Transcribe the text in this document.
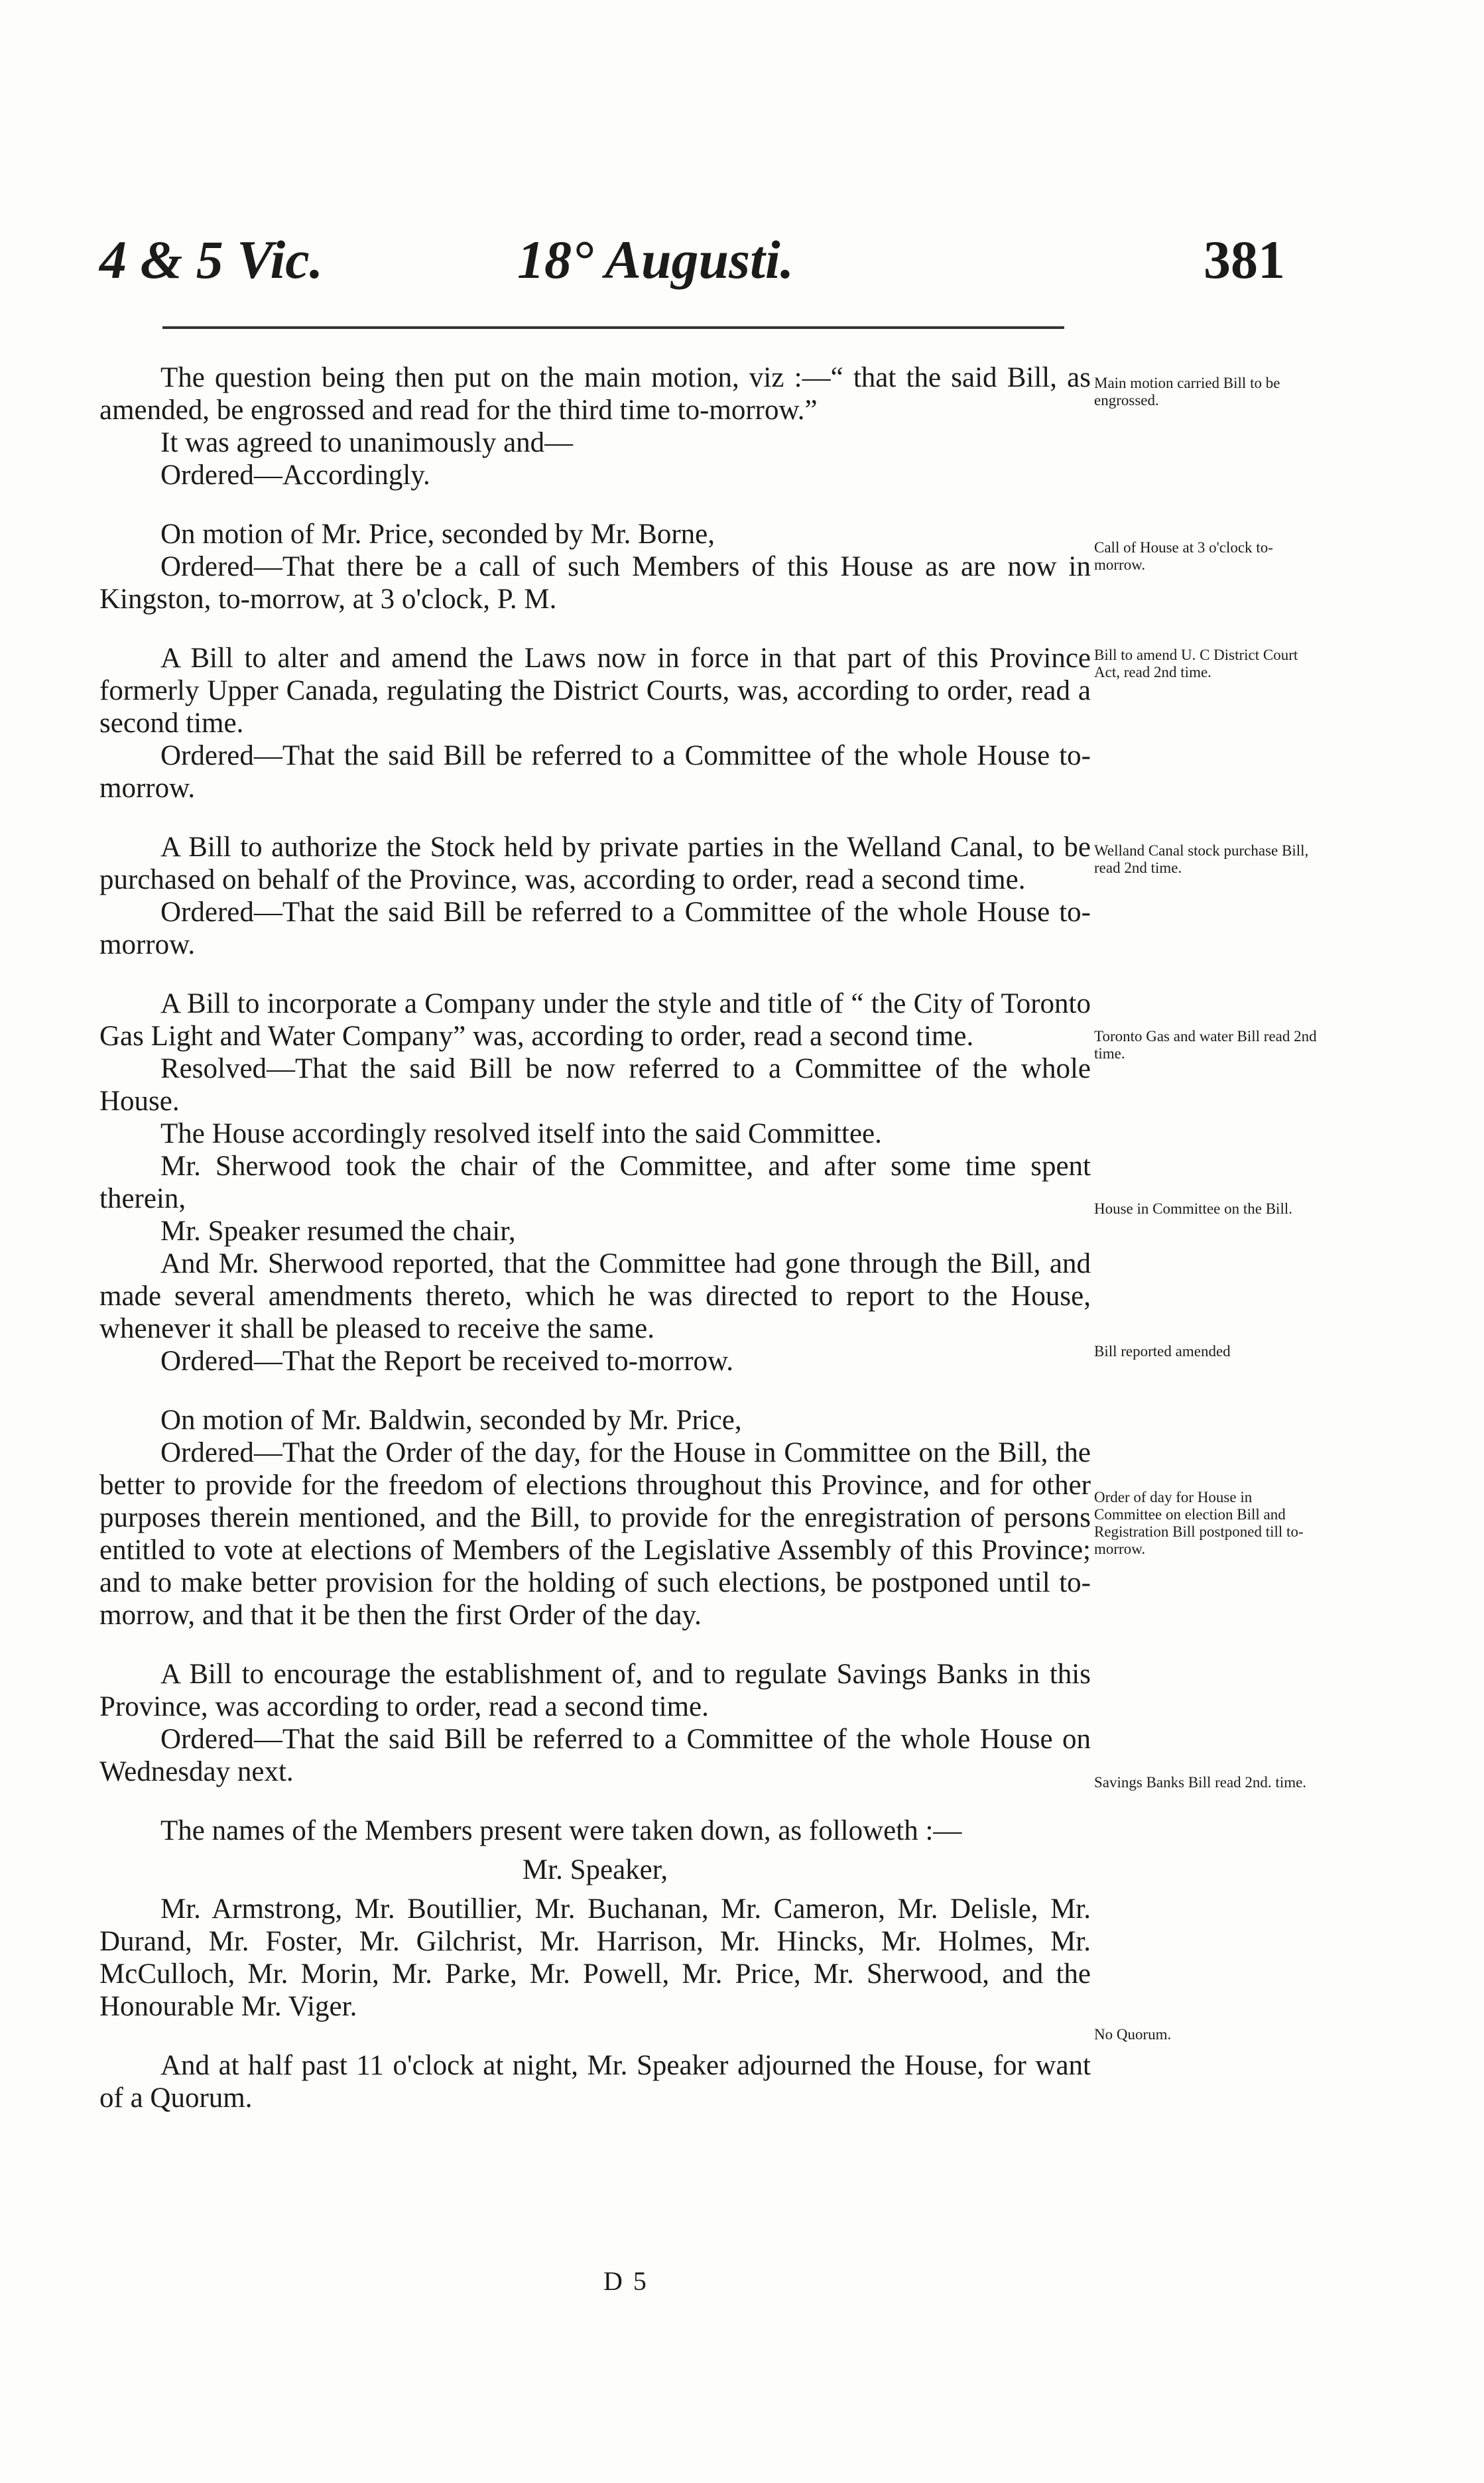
4 & 5 Vic.	18° Augusti.	381

The question being then put on the main motion, viz :—“ that the said Bill, as amended, be engrossed and read for the third time to-morrow.”

It was agreed to unanimously and—

Ordered—Accordingly.

On motion of Mr. Price, seconded by Mr. Borne,

Ordered—That there be a call of such Members of this House as are now in Kingston, to-morrow, at 3 o'clock, P. M.

A Bill to alter and amend the Laws now in force in that part of this Province formerly Upper Canada, regulating the District Courts, was, according to order, read a second time.

Ordered—That the said Bill be referred to a Committee of the whole House to-morrow.

A Bill to authorize the Stock held by private parties in the Welland Canal, to be purchased on behalf of the Province, was, according to order, read a second time.

Ordered—That the said Bill be referred to a Committee of the whole House to-morrow.

A Bill to incorporate a Company under the style and title of “ the City of Toronto Gas Light and Water Company” was, according to order, read a second time.

Resolved—That the said Bill be now referred to a Committee of the whole House.

The House accordingly resolved itself into the said Committee.

Mr. Sherwood took the chair of the Committee, and after some time spent therein,

Mr. Speaker resumed the chair,

And Mr. Sherwood reported, that the Committee had gone through the Bill, and made several amendments thereto, which he was directed to report to the House, whenever it shall be pleased to receive the same.

Ordered—That the Report be received to-morrow.

On motion of Mr. Baldwin, seconded by Mr. Price,

Ordered—That the Order of the day, for the House in Committee on the Bill, the better to provide for the freedom of elections throughout this Province, and for other purposes therein mentioned, and the Bill, to provide for the enregistration of persons entitled to vote at elections of Members of the Legislative Assembly of this Province; and to make better provision for the holding of such elections, be postponed until to-morrow, and that it be then the first Order of the day.

A Bill to encourage the establishment of, and to regulate Savings Banks in this Province, was according to order, read a second time.

Ordered—That the said Bill be referred to a Committee of the whole House on Wednesday next.

The names of the Members present were taken down, as followeth :—

Mr. Speaker,

Mr. Armstrong, Mr. Boutillier, Mr. Buchanan, Mr. Cameron, Mr. Delisle, Mr. Durand, Mr. Foster, Mr. Gilchrist, Mr. Harrison, Mr. Hincks, Mr. Holmes, Mr. McCulloch, Mr. Morin, Mr. Parke, Mr. Powell, Mr. Price, Mr. Sherwood, and the Honourable Mr. Viger.

And at half past 11 o'clock at night, Mr. Speaker adjourned the House, for want of a Quorum.

Main motion carried Bill to be engrossed.
Call of House at 3 o'clock to-morrow.
Bill to amend U. C District Court Act, read 2nd time.
Welland Canal stock purchase Bill, read 2nd time.
Toronto Gas and water Bill read 2nd time.
House in Committee on the Bill.
Bill reported amended
Order of day for House in Committee on election Bill and Registration Bill postponed till to-morrow.
Savings Banks Bill read 2nd. time.
No Quorum.
D 5
